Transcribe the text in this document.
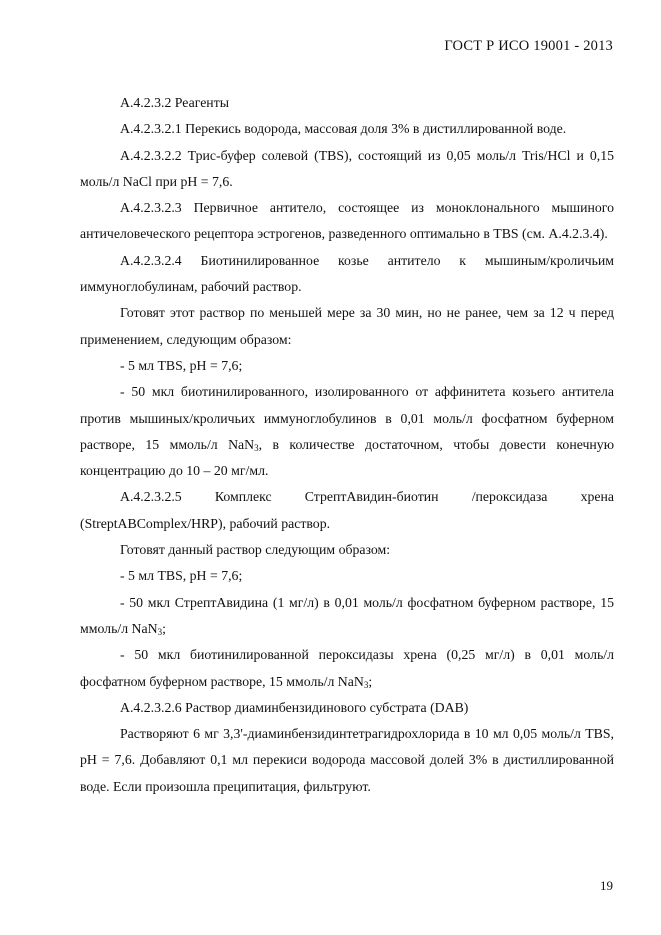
ГОСТ Р ИСО 19001 - 2013

А.4.2.3.2 Реагенты

А.4.2.3.2.1 Перекись водорода, массовая доля 3% в дистиллированной воде.

А.4.2.3.2.2 Трис-буфер солевой (TBS), состоящий из 0,05 моль/л Tris/HCl и 0,15 моль/л NaCl при pH = 7,6.

А.4.2.3.2.3 Первичное антитело, состоящее из моноклонального мышиного античеловеческого рецептора эстрогенов, разведенного оптимально в TBS (см. А.4.2.3.4).

А.4.2.3.2.4 Биотинилированное козье антитело к мышиным/кроличьим иммуноглобулинам, рабочий раствор.

Готовят этот раствор по меньшей мере за 30 мин, но не ранее, чем за 12 ч перед применением, следующим образом:

- 5 мл TBS, pH = 7,6;

- 50 мкл биотинилированного, изолированного от аффинитета козьего антитела против мышиных/кроличьих иммуноглобулинов в 0,01 моль/л фосфатном буферном растворе, 15 ммоль/л NaN$_3$, в количестве достаточном, чтобы довести конечную концентрацию до 10 – 20 мг/мл.

А.4.2.3.2.5 Комплекс СтрептАвидин-биотин /пероксидаза хрена (StreptABComplex/HRP), рабочий раствор.

Готовят данный раствор следующим образом:

- 5 мл TBS, pH = 7,6;

- 50 мкл СтрептАвидина (1 мг/л) в 0,01 моль/л фосфатном буферном растворе, 15 ммоль/л NaN$_3$;

- 50 мкл биотинилированной пероксидазы хрена (0,25 мг/л) в 0,01 моль/л фосфатном буферном растворе, 15 ммоль/л NaN$_3$;

А.4.2.3.2.6 Раствор диаминбензидинового субстрата (DAB)

Растворяют 6 мг 3,3'-диаминбензидинтетрагидрохлорида в 10 мл 0,05 моль/л TBS, pH = 7,6. Добавляют 0,1 мл перекиси водорода массовой долей 3% в дистиллированной воде. Если произошла преципитация, фильтруют.

19
